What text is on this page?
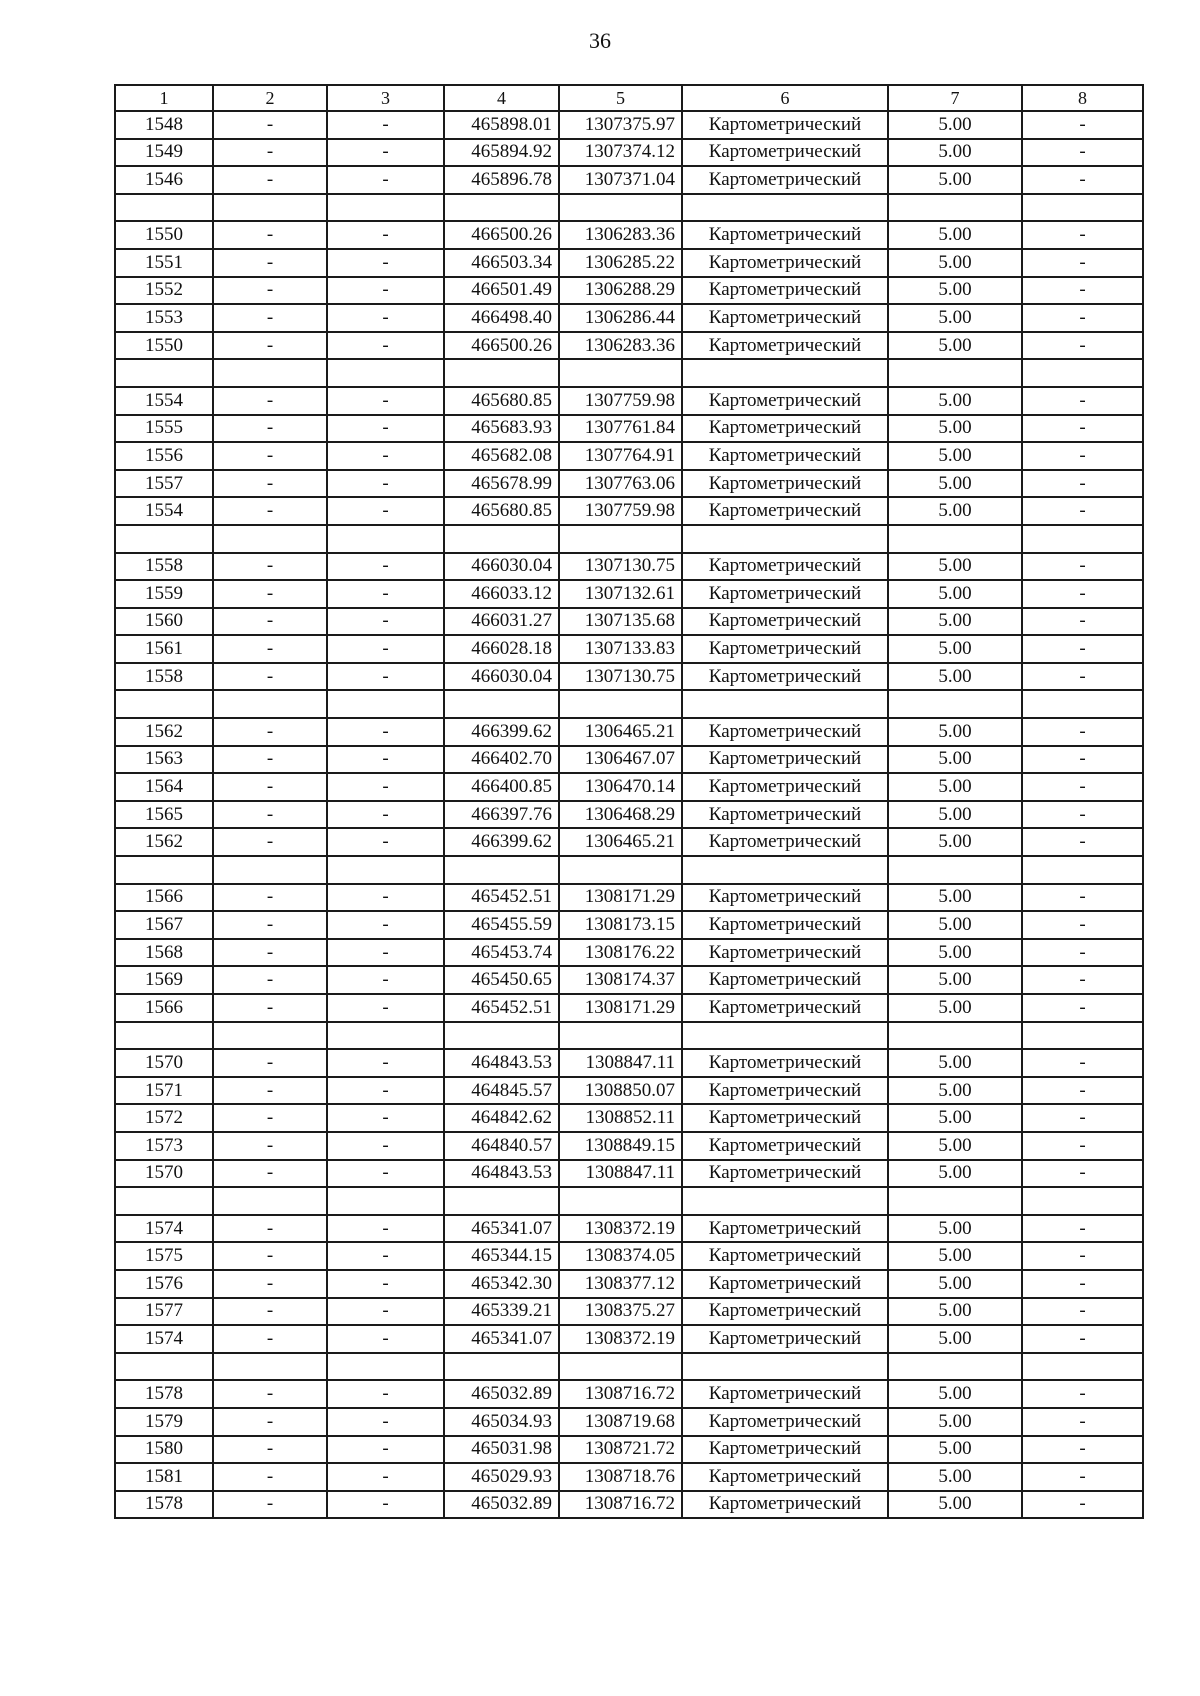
36
1	2	3	4	5	6	7	8
1548	-	-	465898.01	1307375.97	Картометрический	5.00	-
1549	-	-	465894.92	1307374.12	Картометрический	5.00	-
1546	-	-	465896.78	1307371.04	Картометрический	5.00	-

1550	-	-	466500.26	1306283.36	Картометрический	5.00	-
1551	-	-	466503.34	1306285.22	Картометрический	5.00	-
1552	-	-	466501.49	1306288.29	Картометрический	5.00	-
1553	-	-	466498.40	1306286.44	Картометрический	5.00	-
1550	-	-	466500.26	1306283.36	Картометрический	5.00	-

1554	-	-	465680.85	1307759.98	Картометрический	5.00	-
1555	-	-	465683.93	1307761.84	Картометрический	5.00	-
1556	-	-	465682.08	1307764.91	Картометрический	5.00	-
1557	-	-	465678.99	1307763.06	Картометрический	5.00	-
1554	-	-	465680.85	1307759.98	Картометрический	5.00	-

1558	-	-	466030.04	1307130.75	Картометрический	5.00	-
1559	-	-	466033.12	1307132.61	Картометрический	5.00	-
1560	-	-	466031.27	1307135.68	Картометрический	5.00	-
1561	-	-	466028.18	1307133.83	Картометрический	5.00	-
1558	-	-	466030.04	1307130.75	Картометрический	5.00	-

1562	-	-	466399.62	1306465.21	Картометрический	5.00	-
1563	-	-	466402.70	1306467.07	Картометрический	5.00	-
1564	-	-	466400.85	1306470.14	Картометрический	5.00	-
1565	-	-	466397.76	1306468.29	Картометрический	5.00	-
1562	-	-	466399.62	1306465.21	Картометрический	5.00	-

1566	-	-	465452.51	1308171.29	Картометрический	5.00	-
1567	-	-	465455.59	1308173.15	Картометрический	5.00	-
1568	-	-	465453.74	1308176.22	Картометрический	5.00	-
1569	-	-	465450.65	1308174.37	Картометрический	5.00	-
1566	-	-	465452.51	1308171.29	Картометрический	5.00	-

1570	-	-	464843.53	1308847.11	Картометрический	5.00	-
1571	-	-	464845.57	1308850.07	Картометрический	5.00	-
1572	-	-	464842.62	1308852.11	Картометрический	5.00	-
1573	-	-	464840.57	1308849.15	Картометрический	5.00	-
1570	-	-	464843.53	1308847.11	Картометрический	5.00	-

1574	-	-	465341.07	1308372.19	Картометрический	5.00	-
1575	-	-	465344.15	1308374.05	Картометрический	5.00	-
1576	-	-	465342.30	1308377.12	Картометрический	5.00	-
1577	-	-	465339.21	1308375.27	Картометрический	5.00	-
1574	-	-	465341.07	1308372.19	Картометрический	5.00	-

1578	-	-	465032.89	1308716.72	Картометрический	5.00	-
1579	-	-	465034.93	1308719.68	Картометрический	5.00	-
1580	-	-	465031.98	1308721.72	Картометрический	5.00	-
1581	-	-	465029.93	1308718.76	Картометрический	5.00	-
1578	-	-	465032.89	1308716.72	Картометрический	5.00	-
